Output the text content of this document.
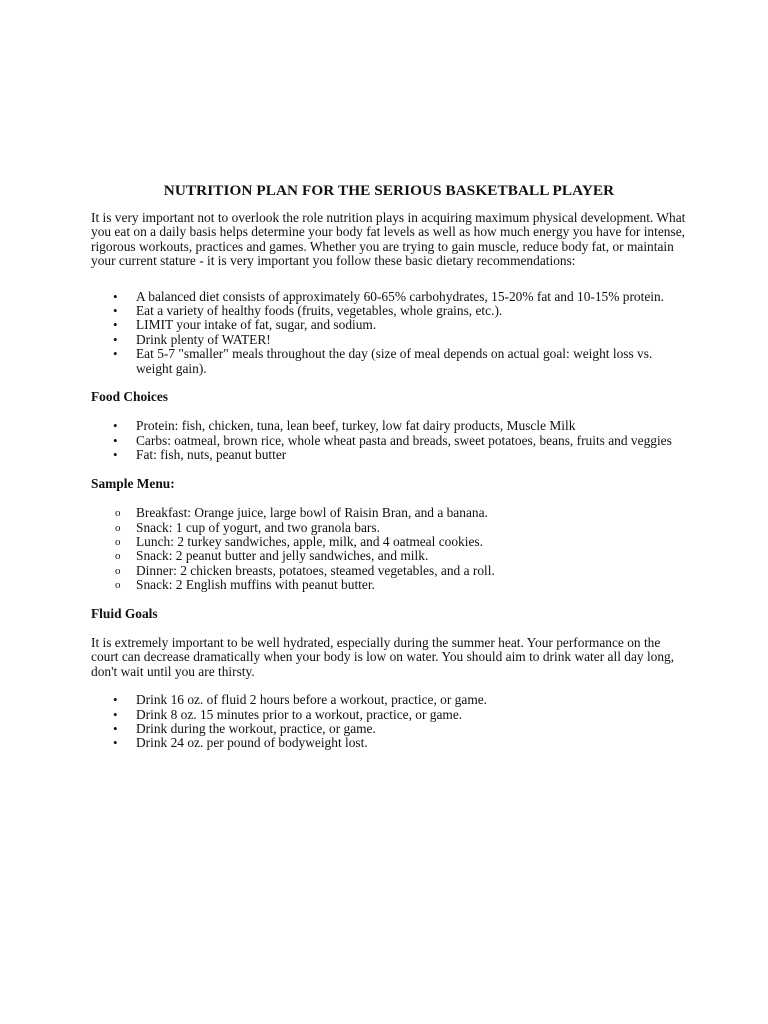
NUTRITION PLAN FOR THE SERIOUS BASKETBALL PLAYER

It is very important not to overlook the role nutrition plays in acquiring maximum physical development. What you eat on a daily basis helps determine your body fat levels as well as how much energy you have for intense, rigorous workouts, practices and games. Whether you are trying to gain muscle, reduce body fat, or maintain your current stature - it is very important you follow these basic dietary recommendations:

• A balanced diet consists of approximately 60-65% carbohydrates, 15-20% fat and 10-15% protein.
• Eat a variety of healthy foods (fruits, vegetables, whole grains, etc.).
• LIMIT your intake of fat, sugar, and sodium.
• Drink plenty of WATER!
• Eat 5-7 "smaller" meals throughout the day (size of meal depends on actual goal: weight loss vs. weight gain).

Food Choices

• Protein: fish, chicken, tuna, lean beef, turkey, low fat dairy products, Muscle Milk
• Carbs: oatmeal, brown rice, whole wheat pasta and breads, sweet potatoes, beans, fruits and veggies
• Fat: fish, nuts, peanut butter

Sample Menu:

o Breakfast: Orange juice, large bowl of Raisin Bran, and a banana.
o Snack: 1 cup of yogurt, and two granola bars.
o Lunch: 2 turkey sandwiches, apple, milk, and 4 oatmeal cookies.
o Snack: 2 peanut butter and jelly sandwiches, and milk.
o Dinner: 2 chicken breasts, potatoes, steamed vegetables, and a roll.
o Snack: 2 English muffins with peanut butter.

Fluid Goals

It is extremely important to be well hydrated, especially during the summer heat. Your performance on the court can decrease dramatically when your body is low on water. You should aim to drink water all day long, don't wait until you are thirsty.

• Drink 16 oz. of fluid 2 hours before a workout, practice, or game.
• Drink 8 oz. 15 minutes prior to a workout, practice, or game.
• Drink during the workout, practice, or game.
• Drink 24 oz. per pound of bodyweight lost.
